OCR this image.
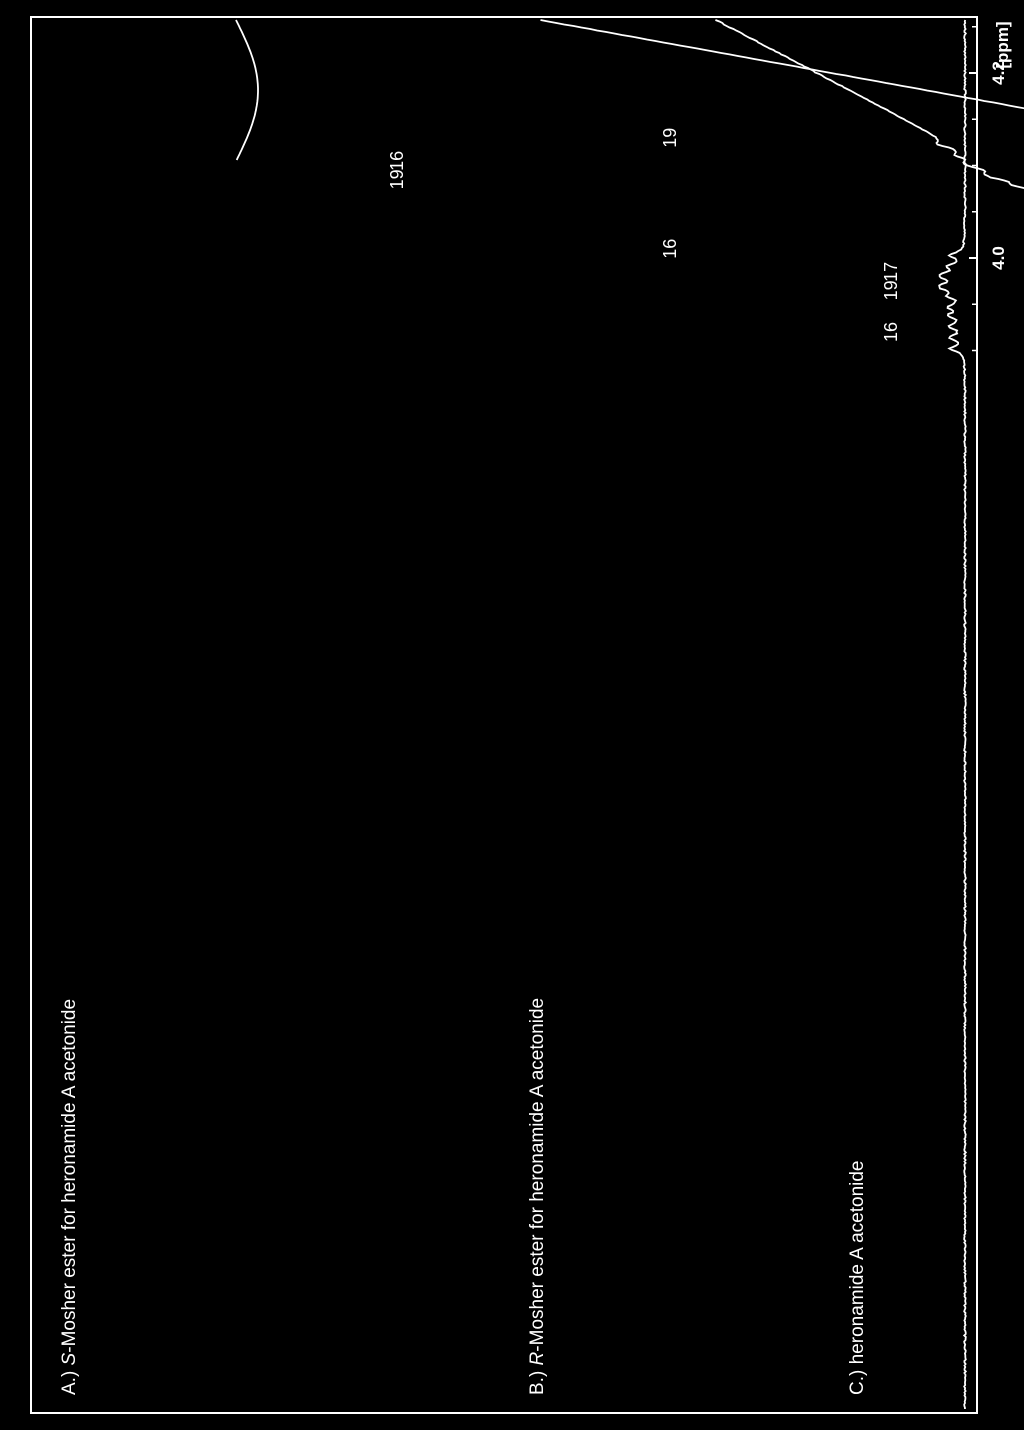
4.2
4.0
19
16
19
16
17
19
16
A.) S-Mosher ester for heronamide A acetonide
B.) R-Mosher ester for heronamide A acetonide
C.) heronamide A acetonide
[ppm]
